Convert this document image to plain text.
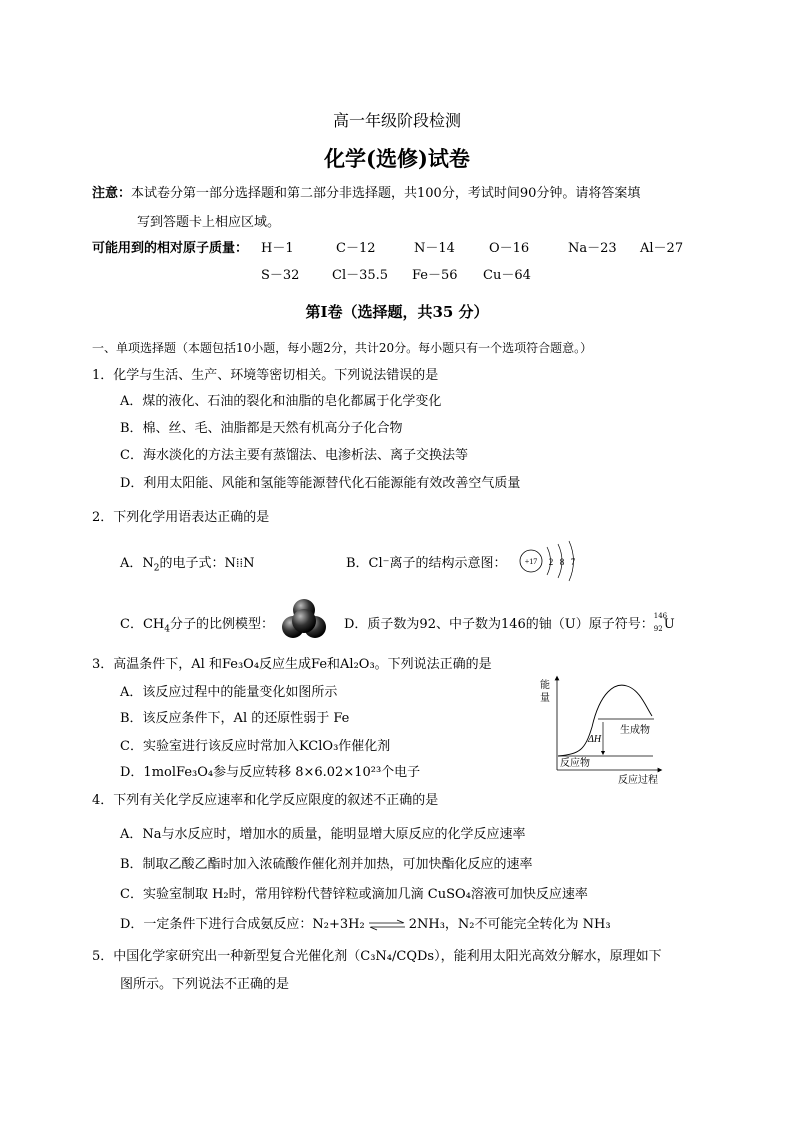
高一年级阶段检测
化学(选修)试卷
注意：本试卷分第一部分选择题和第二部分非选择题，共100分，考试时间90分钟。请将答案填
写到答题卡上相应区域。
可能用到的相对原子质量： H－1	C－12	N－14	O－16	Na－23 Al－27
S－32	Cl－35.5 Fe－56 Cu－64
第Ⅰ卷（选择题，共35 分）
一、单项选择题（本题包括10小题，每小题2分，共计20分。每小题只有一个选项符合题意。）
1．化学与生活、生产、环境等密切相关。下列说法错误的是
A．煤的液化、石油的裂化和油脂的皂化都属于化学变化
B．棉、丝、毛、油脂都是天然有机高分子化合物
C．海水淡化的方法主要有蒸馏法、电渗析法、离子交换法等
D．利用太阳能、风能和氢能等能源替代化石能源能有效改善空气质量
2．下列化学用语表达正确的是
A．$N_2$的电子式：N⁞⁞N	B．Cl⁻离子的结构示意图： +17 2 8 7
C．$CH_4$分子的比例模型：	D．质子数为92、中子数为146的铀（U）原子符号：
146
92 U
3．高温条件下，Al 和Fe₃O₄反应生成Fe和Al₂O₃。下列说法正确的是
A．该反应过程中的能量变化如图所示
B．该反应条件下，Al 的还原性弱于 Fe
C．实验室进行该反应时常加入KClO₃作催化剂
D．1molFe₃O₄参与反应转移 8×6.02×10²³个电子
能
量
ΔH
生成物
反应物
反应过程
4．下列有关化学反应速率和化学反应限度的叙述不正确的是
A．Na与水反应时，增加水的质量，能明显增大原反应的化学反应速率
B．制取乙酸乙酯时加入浓硫酸作催化剂并加热，可加快酯化反应的速率
C．实验室制取 H₂时，常用锌粉代替锌粒或滴加几滴 CuSO₄溶液可加快反应速率
D．一定条件下进行合成氨反应：N₂+3H₂ ⇌ 2NH₃，N₂不可能完全转化为 NH₃
5．中国化学家研究出一种新型复合光催化剂（C₃N₄/CQDs），能利用太阳光高效分解水，原理如下
图所示。下列说法不正确的是
